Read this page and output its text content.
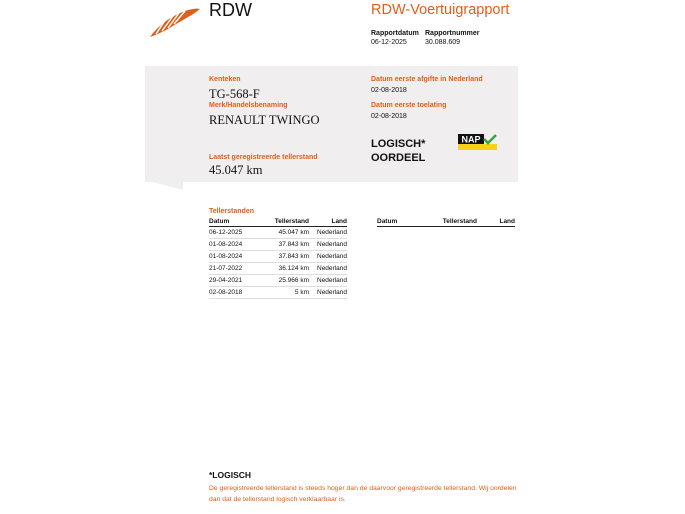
RDW	RDW-Voertuigrapport
Rapportdatum
06-12-2025
Rapportnummer
30.088.609
Kenteken
TG-568-F
Merk/Handelsbenaming
RENAULT TWINGO
Laatst geregistreerde tellerstand
45.047 km
Datum eerste afgifte in Nederland
02-08-2018
Datum eerste toelating
02-08-2018
LOGISCH*
OORDEEL
NAP
Tellerstanden
Datum	Tellerstand	Land
06-12-2025	45.047 km	Nederland
01-08-2024	37.843 km	Nederland
01-08-2024	37.843 km	Nederland
21-07-2022	36.124 km	Nederland
29-04-2021	25.966 km	Nederland
02-08-2018	5 km	Nederland
Datum	Tellerstand	Land
*LOGISCH
De geregistreerde tellerstand is steeds hoger dan de daarvoor geregistreerde tellerstand. Wij oordelen dan dat de tellerstand logisch verklaarbaar is.
